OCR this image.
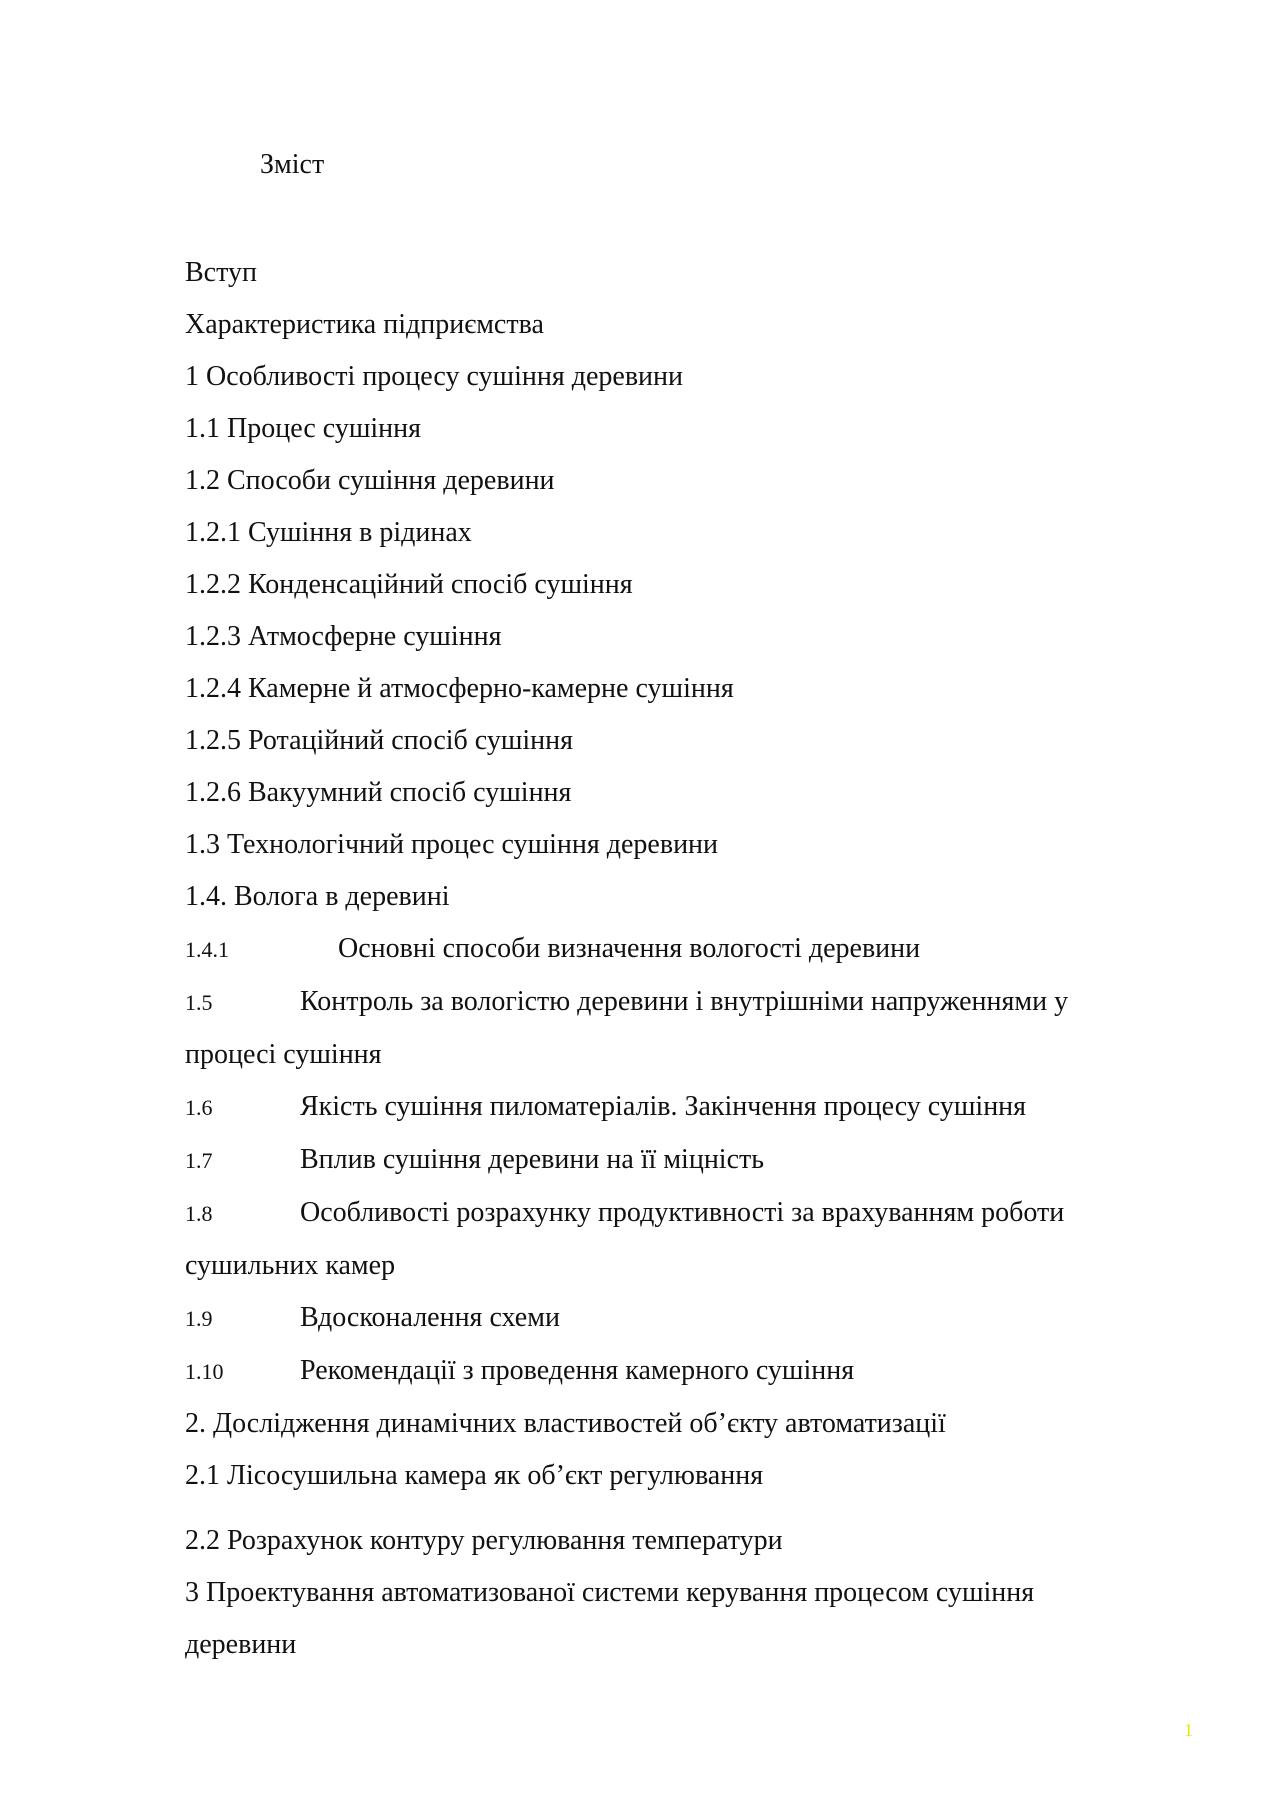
Зміст
Вступ
Характеристика підприємства
1 Особливості процесу сушіння деревини
1.1 Процес сушіння
1.2 Способи сушіння деревини
1.2.1 Сушіння в рідинах
1.2.2 Конденсаційний спосіб сушіння
1.2.3 Атмосферне сушіння
1.2.4 Камерне й атмосферно-камерне сушіння
1.2.5 Ротаційний спосіб сушіння
1.2.6 Вакуумний спосіб сушіння
1.3 Технологічний процес сушіння деревини
1.4. Волога в деревині
1.4.1	Основні способи визначення вологості деревини
1.5	Контроль за вологістю деревини і внутрішніми напруженнями у процесі сушіння
1.6	Якість сушіння пиломатеріалів. Закінчення процесу сушіння
1.7	Вплив сушіння деревини на її міцність
1.8	Особливості розрахунку продуктивності за врахуванням роботи сушильних камер
1.9	Вдосконалення схеми
1.10	Рекомендації з проведення камерного сушіння
2. Дослідження динамічних властивостей об’єкту автоматизації
2.1 Лісосушильна камера як об’єкт регулювання
2.2 Розрахунок контуру регулювання температури
3 Проектування автоматизованої системи керування процесом сушіння деревини
1
